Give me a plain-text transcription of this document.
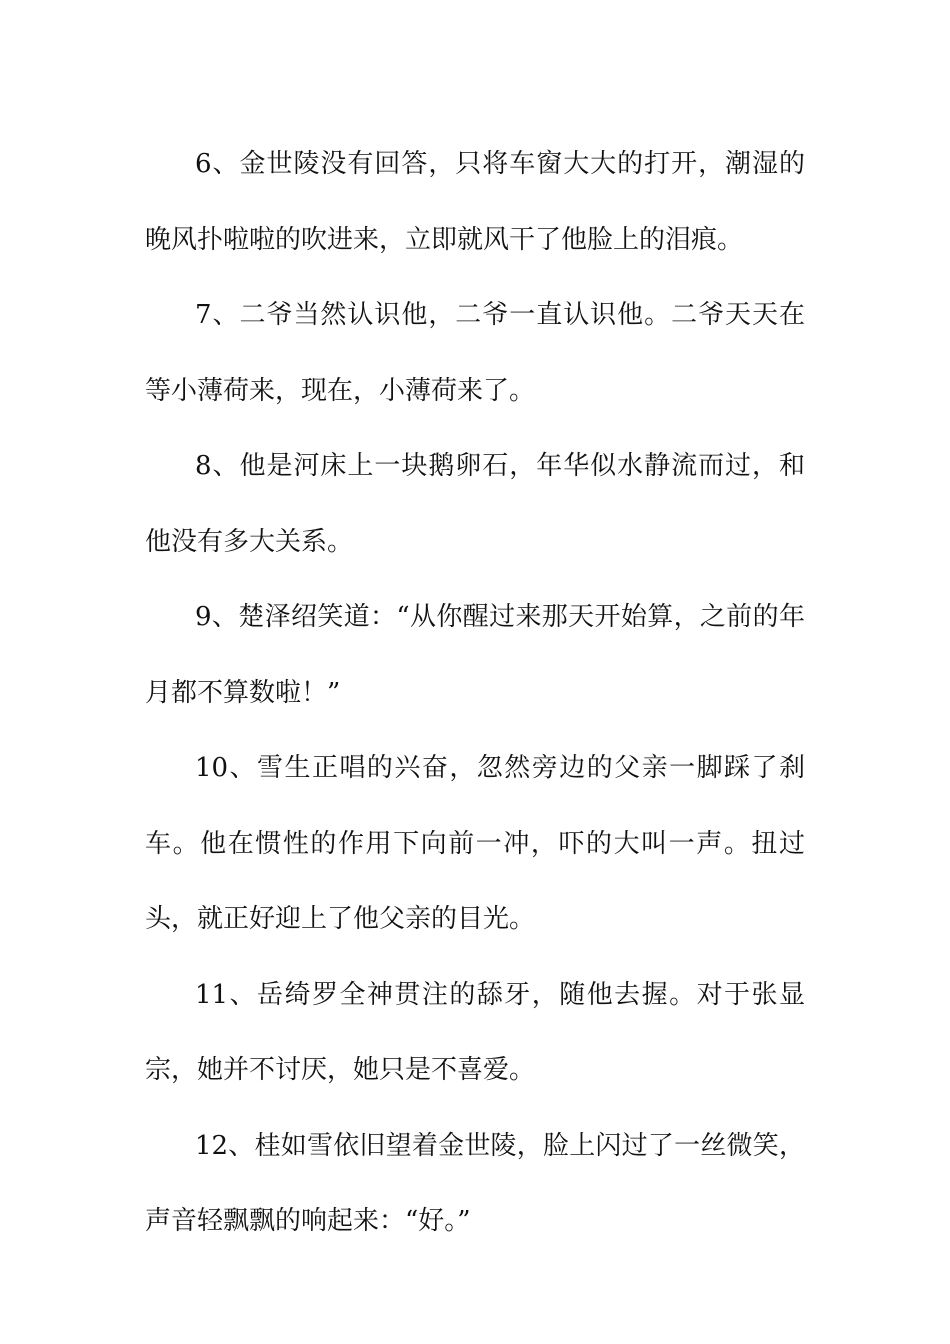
6、金世陵没有回答，只将车窗大大的打开，潮湿的晚风扑啦啦的吹进来，立即就风干了他脸上的泪痕。

7、二爷当然认识他，二爷一直认识他。二爷天天在等小薄荷来，现在，小薄荷来了。

8、他是河床上一块鹅卵石，年华似水静流而过，和他没有多大关系。

9、楚泽绍笑道：“从你醒过来那天开始算，之前的年月都不算数啦！”

10、雪生正唱的兴奋，忽然旁边的父亲一脚踩了刹车。他在惯性的作用下向前一冲，吓的大叫一声。扭过头，就正好迎上了他父亲的目光。

11、岳绮罗全神贯注的舔牙，随他去握。对于张显宗，她并不讨厌，她只是不喜爱。

12、桂如雪依旧望着金世陵，脸上闪过了一丝微笑，声音轻飘飘的响起来：“好。”
